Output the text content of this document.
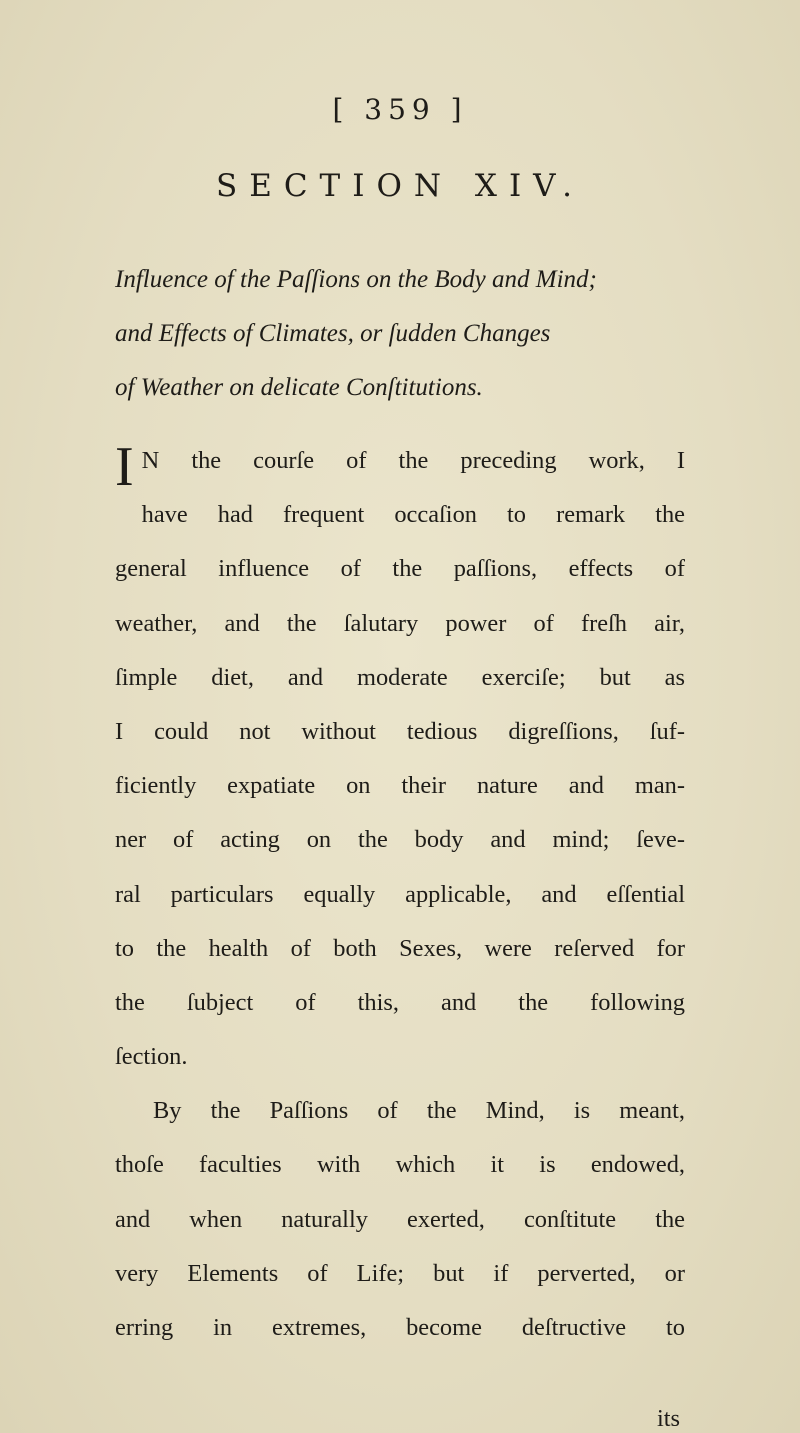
[ 359 ]
SECTION XIV.
Influence of the Paſſions on the Body and Mind;
and Effects of Climates, or ſudden Changes
of Weather on delicate Conſtitutions.
I N the courſe of the preceding work, I
have had frequent occaſion to remark the
general influence of the paſſions, effects of
weather, and the ſalutary power of freſh air,
ſimple diet, and moderate exerciſe; but as
I could not without tedious digreſſions, ſuf-
ficiently expatiate on their nature and man-
ner of acting on the body and mind; ſeve-
ral particulars equally applicable, and eſſential
to the health of both Sexes, were reſerved for
the ſubject of this, and the following
ſection.
By the Paſſions of the Mind, is meant,
thoſe faculties with which it is endowed,
and when naturally exerted, conſtitute the
very Elements of Life; but if perverted, or
erring in extremes, become deſtructive to
its
